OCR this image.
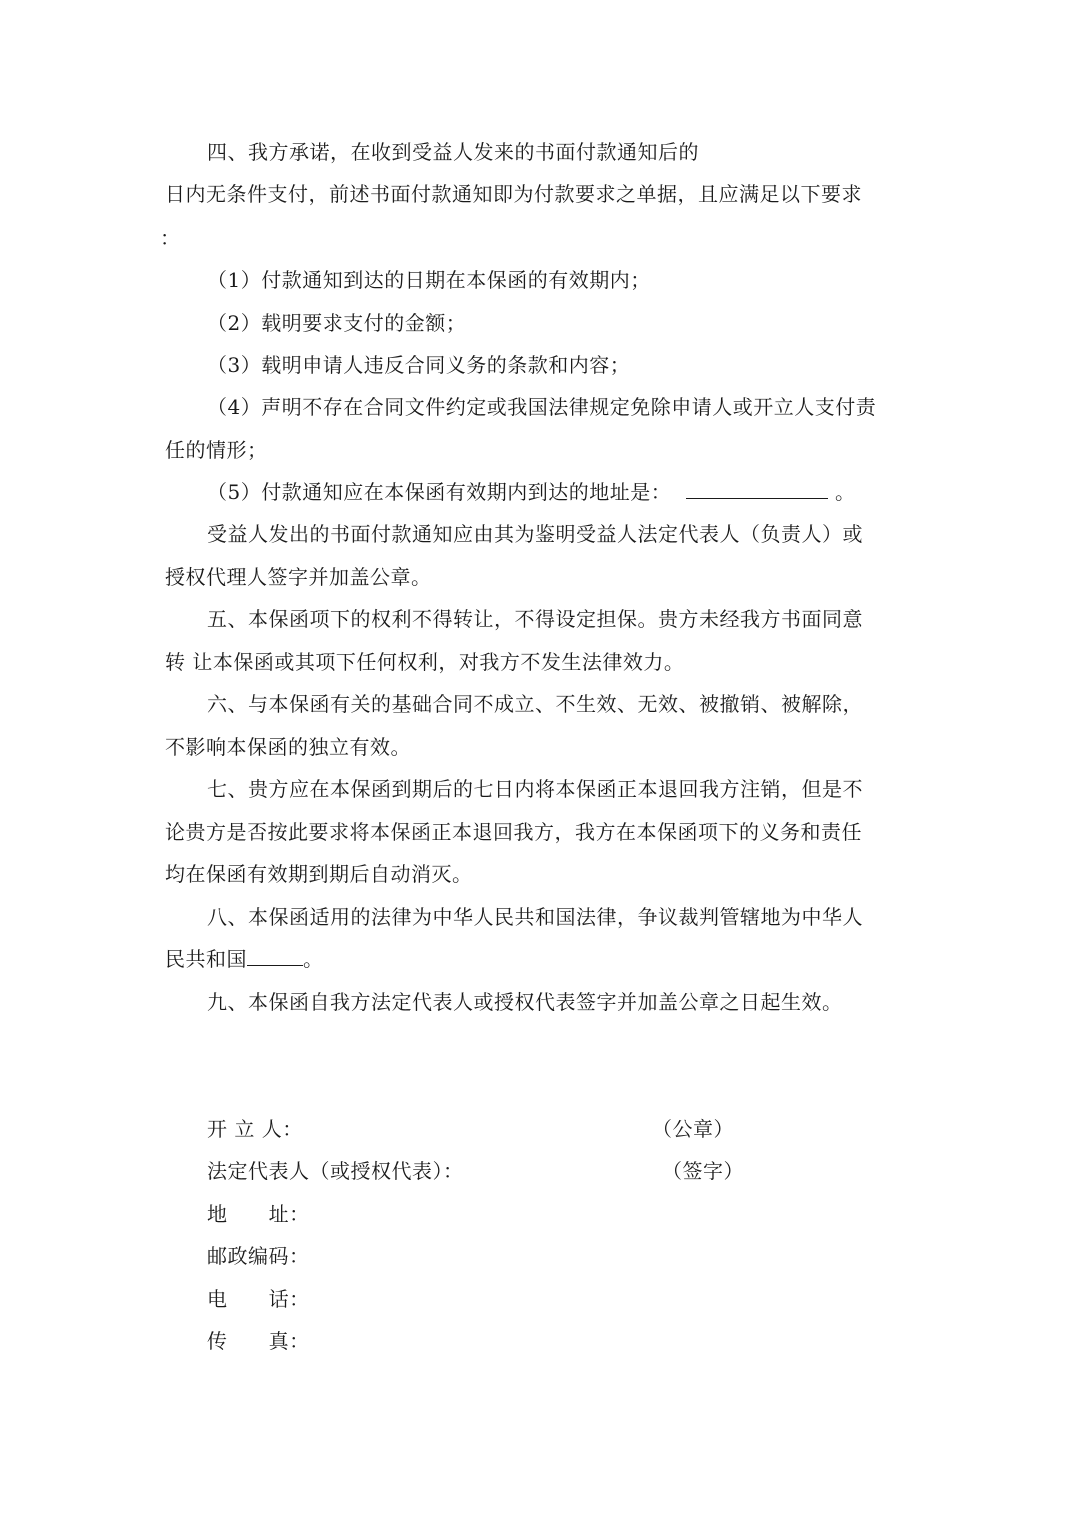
四、我方承诺，在收到受益人发来的书面付款通知后的
日内无条件支付，前述书面付款通知即为付款要求之单据，且应满足以下要求
：
（1）付款通知到达的日期在本保函的有效期内；
（2）载明要求支付的金额；
（3）载明申请人违反合同义务的条款和内容；
（4）声明不存在合同文件约定或我国法律规定免除申请人或开立人支付责
任的情形；
（5）付款通知应在本保函有效期内到达的地址是：	。
受益人发出的书面付款通知应由其为鉴明受益人法定代表人（负责人）或
授权代理人签字并加盖公章。
五、本保函项下的权利不得转让，不得设定担保。贵方未经我方书面同意
转 让本保函或其项下任何权利，对我方不发生法律效力。
六、与本保函有关的基础合同不成立、不生效、无效、被撤销、被解除，
不影响本保函的独立有效。
七、贵方应在本保函到期后的七日内将本保函正本退回我方注销，但是不
论贵方是否按此要求将本保函正本退回我方，我方在本保函项下的义务和责任
均在保函有效期到期后自动消灭。
八、本保函适用的法律为中华人民共和国法律，争议裁判管辖地为中华人
民共和国	。
九、本保函自我方法定代表人或授权代表签字并加盖公章之日起生效。
开 立 人：	（公章）
法定代表人（或授权代表）：	（签字）
地      址：
邮政编码：
电      话：
传      真：
